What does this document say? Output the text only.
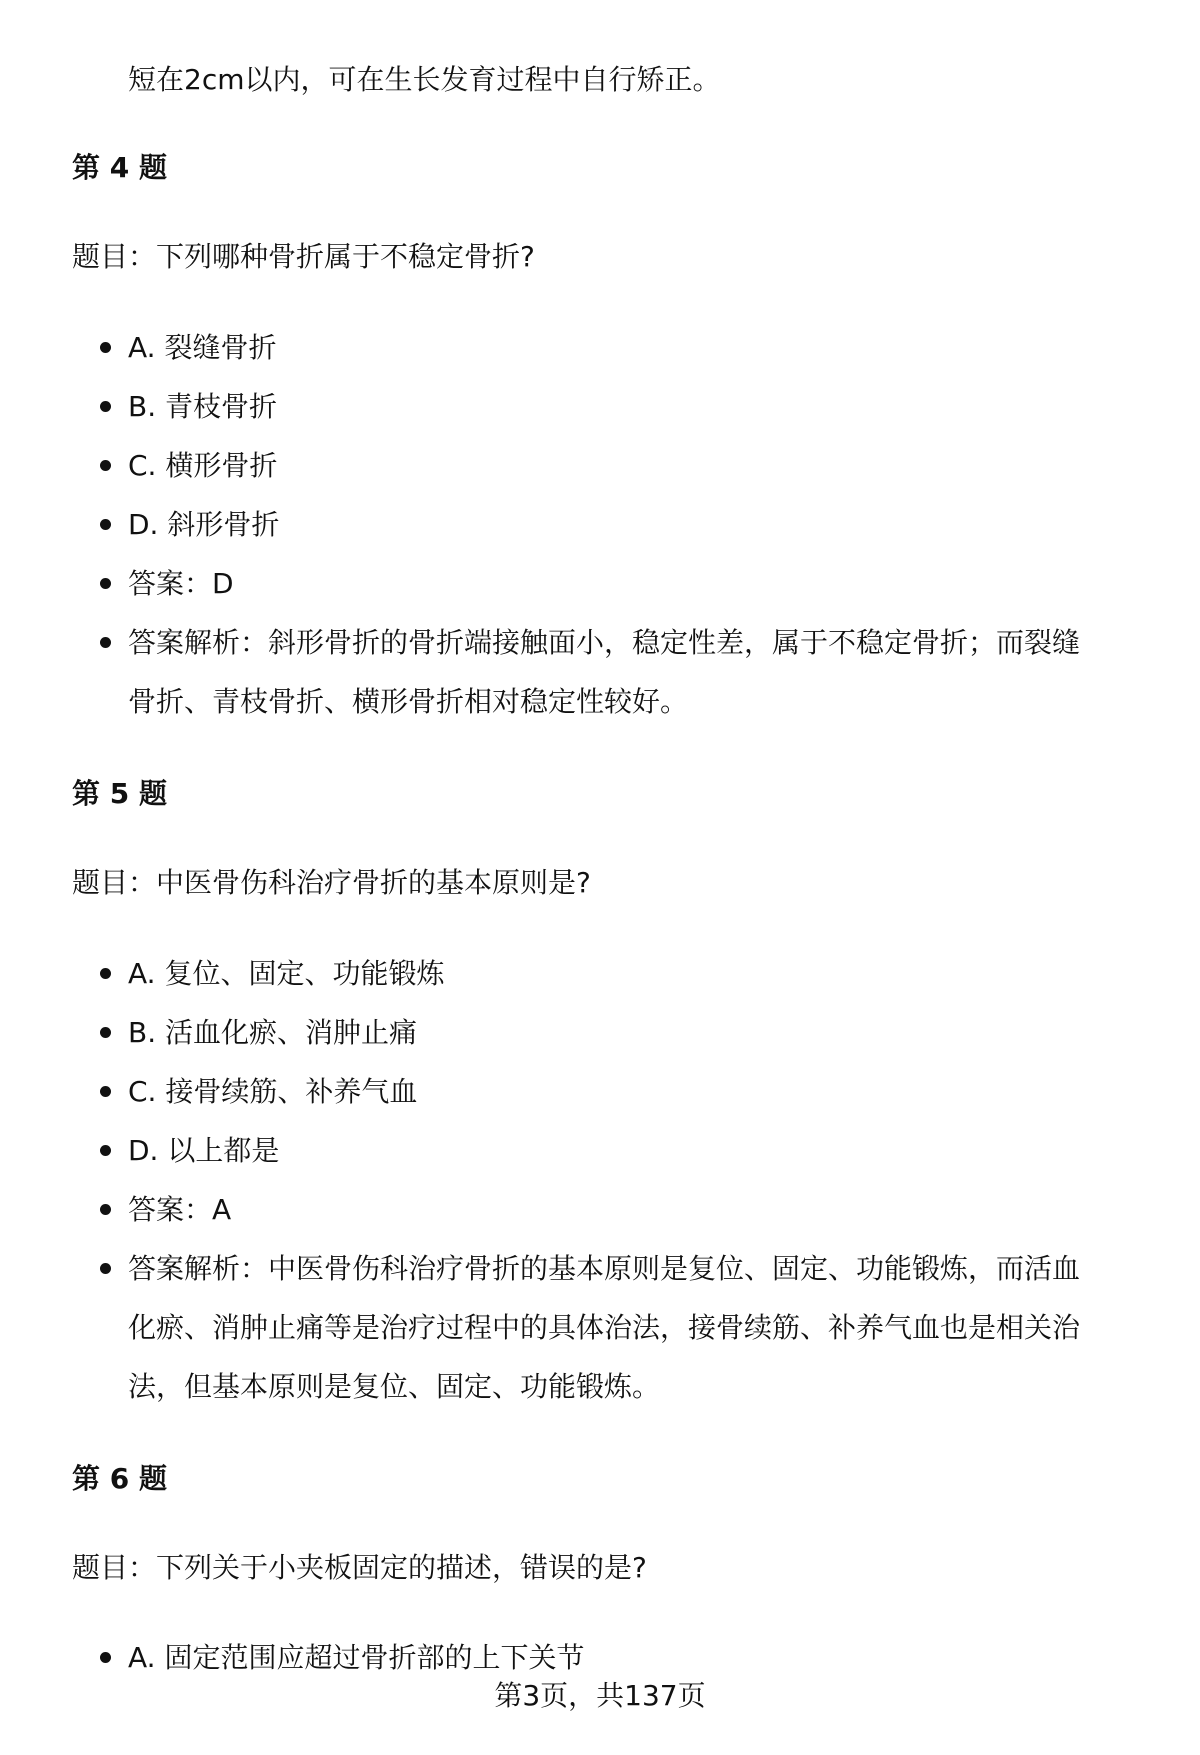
短在2cm以内，可在生长发育过程中自行矫正。
第 4 题
题目：下列哪种骨折属于不稳定骨折?
A. 裂缝骨折
B. 青枝骨折
C. 横形骨折
D. 斜形骨折
答案：D
答案解析：斜形骨折的骨折端接触面小，稳定性差，属于不稳定骨折；而裂缝
骨折、青枝骨折、横形骨折相对稳定性较好。
第 5 题
题目：中医骨伤科治疗骨折的基本原则是?
A. 复位、固定、功能锻炼
B. 活血化瘀、消肿止痛
C. 接骨续筋、补养气血
D. 以上都是
答案：A
答案解析：中医骨伤科治疗骨折的基本原则是复位、固定、功能锻炼，而活血
化瘀、消肿止痛等是治疗过程中的具体治法，接骨续筋、补养气血也是相关治
法，但基本原则是复位、固定、功能锻炼。
第 6 题
题目：下列关于小夹板固定的描述，错误的是?
A. 固定范围应超过骨折部的上下关节
第3页，共137页
